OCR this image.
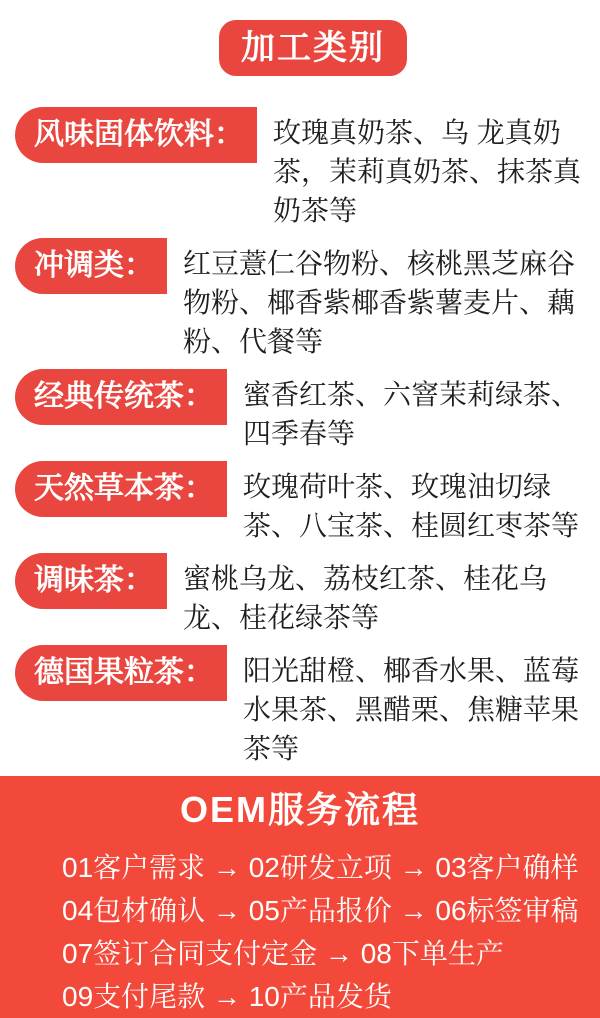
加工类别
风味固体饮料：	玫瑰真奶茶、乌 龙真奶茶，茉莉真奶茶、抹茶真奶茶等
冲调类：	红豆薏仁谷物粉、核桃黑芝麻谷物粉、椰香紫椰香紫薯麦片、藕粉、代餐等
经典传统茶：	蜜香红茶、六窨茉莉绿茶、四季春等
天然草本茶：	玫瑰荷叶茶、玫瑰油切绿茶、八宝茶、桂圆红枣茶等
调味茶：	蜜桃乌龙、荔枝红茶、桂花乌龙、桂花绿茶等
德国果粒茶：	阳光甜橙、椰香水果、蓝莓水果茶、黑醋栗、焦糖苹果茶等
OEM服务流程
01客户需求 → 02研发立项 → 03客户确样
04包材确认 → 05产品报价 → 06标签审稿
07签订合同支付定金 → 08下单生产
09支付尾款 → 10产品发货
